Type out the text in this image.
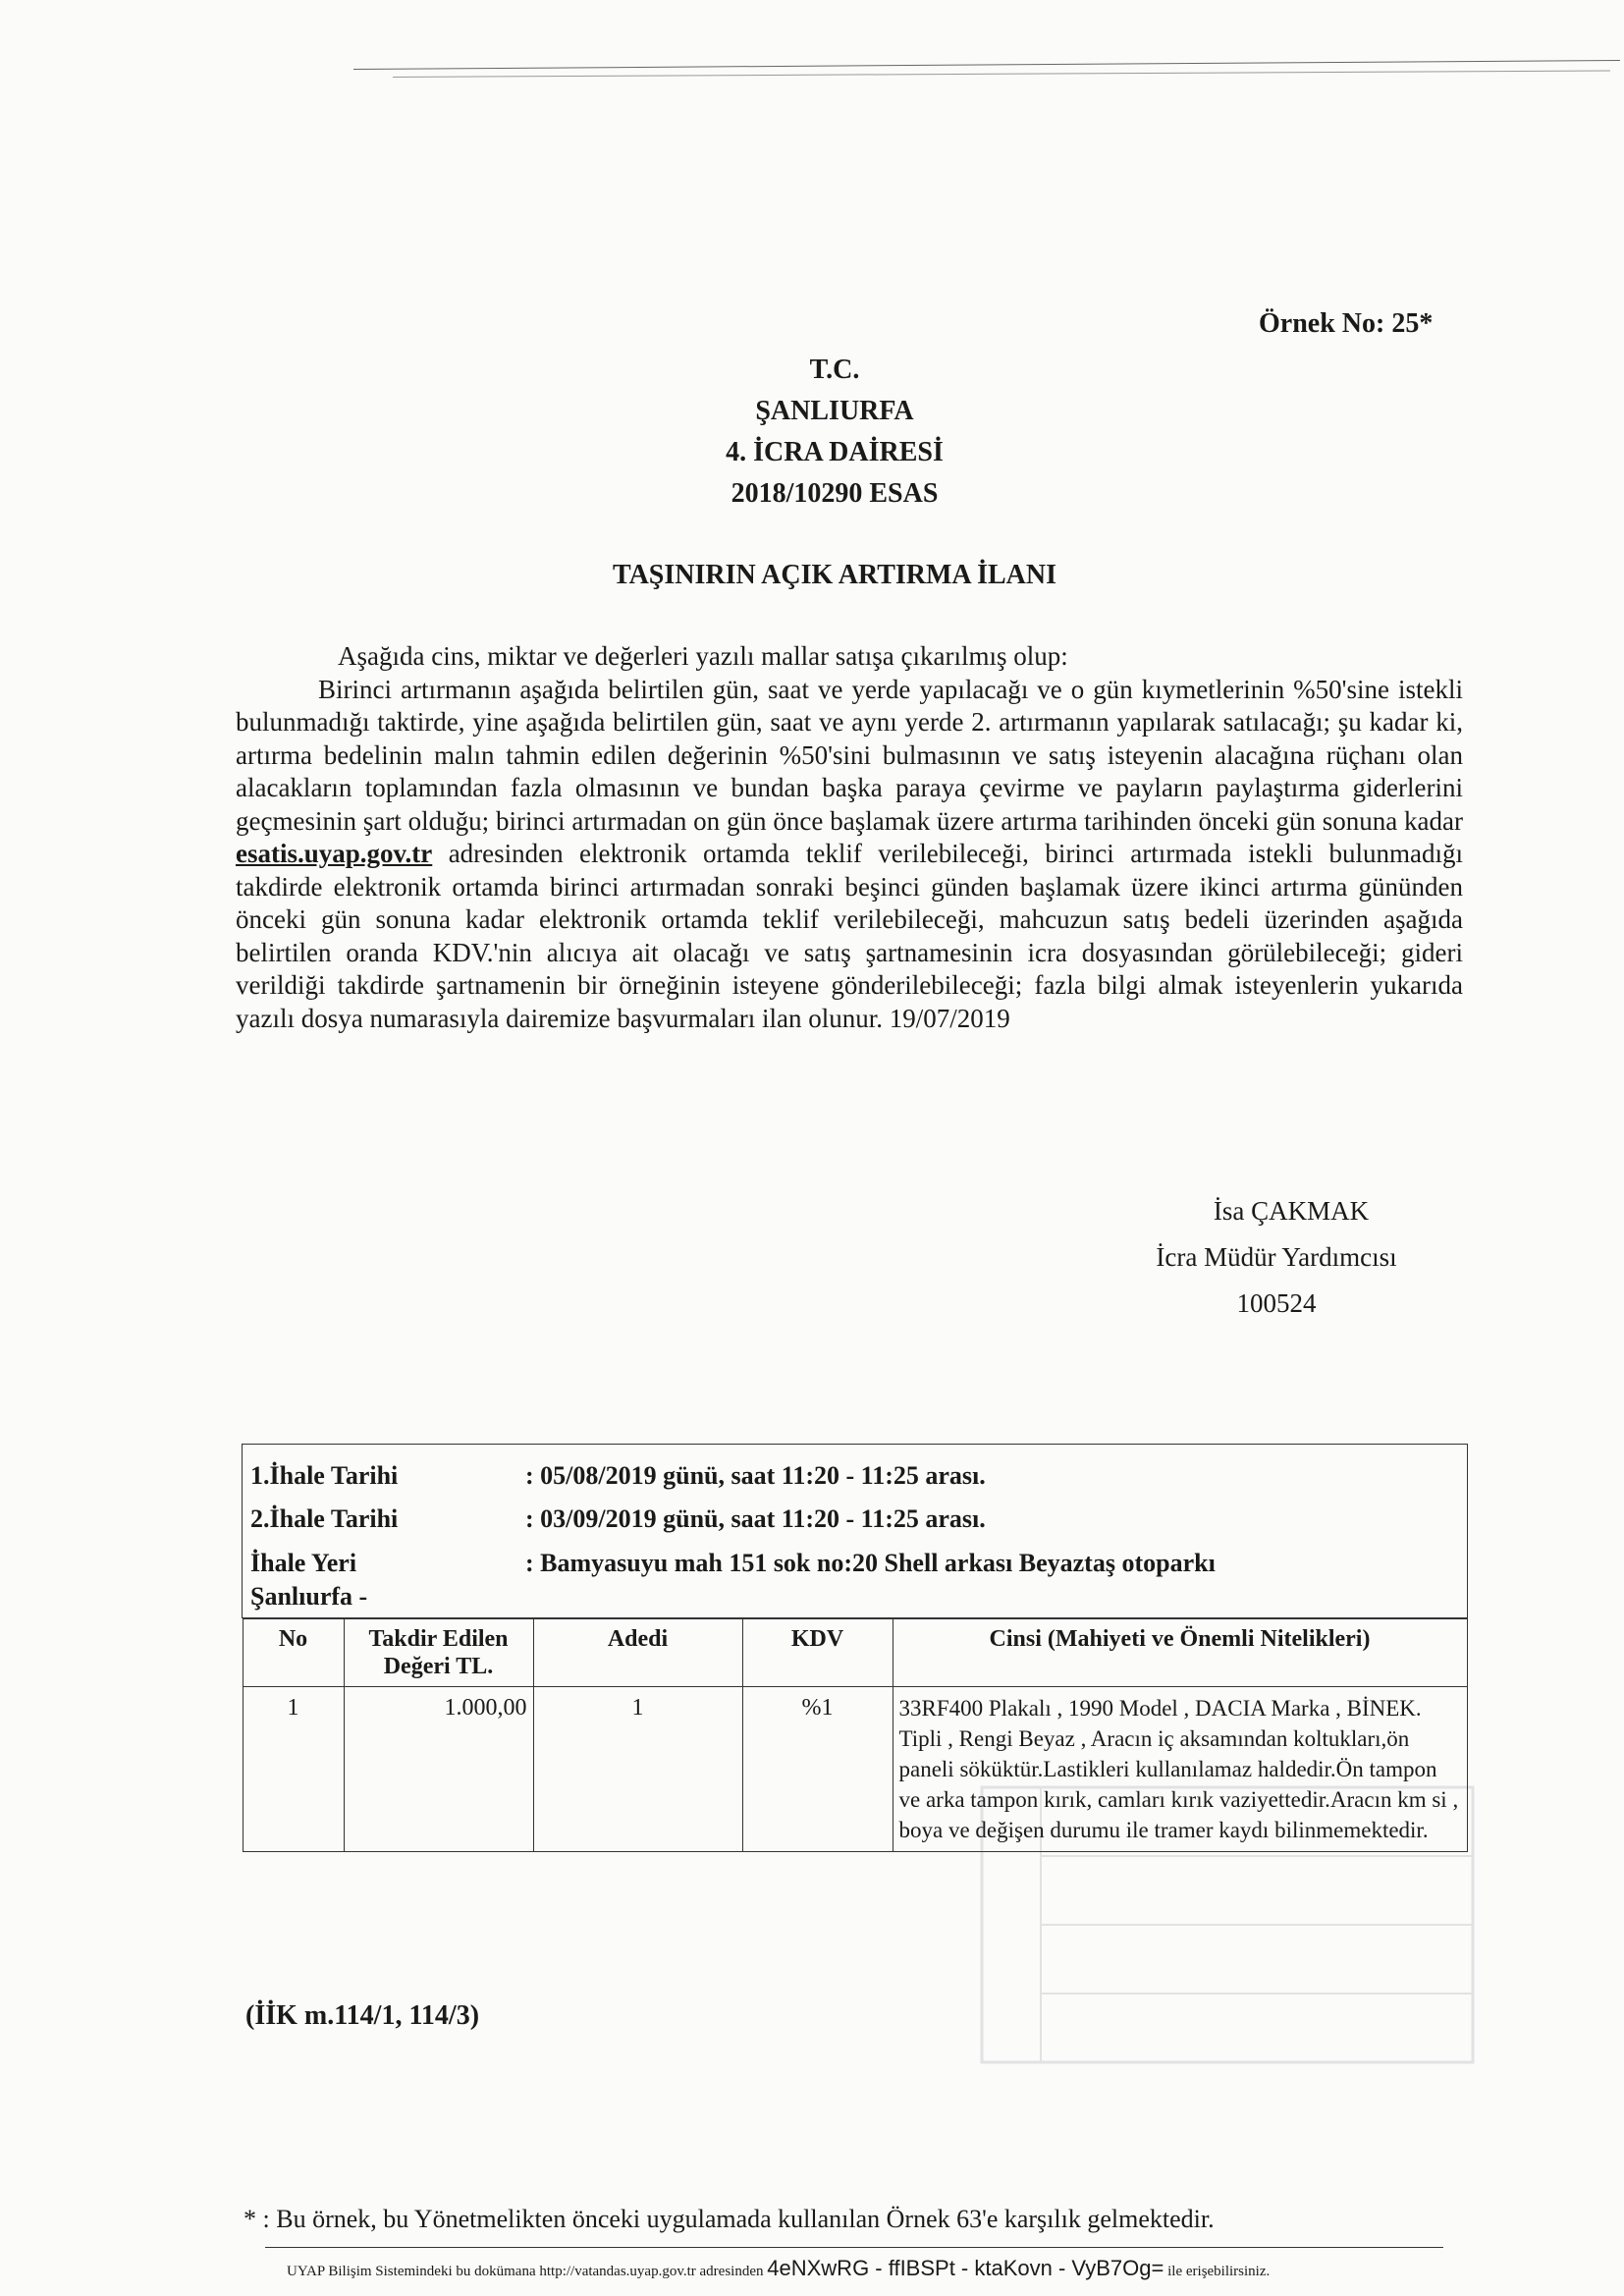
Örnek No: 25*
T.C.
ŞANLIURFA
4. İCRA DAİRESİ
2018/10290 ESAS
TAŞINIRIN AÇIK ARTIRMA İLANI

Aşağıda cins, miktar ve değerleri yazılı mallar satışa çıkarılmış olup:

Birinci artırmanın aşağıda belirtilen gün, saat ve yerde yapılacağı ve o gün kıymetlerinin %50'sine istekli bulunmadığı taktirde, yine aşağıda belirtilen gün, saat ve aynı yerde 2. artırmanın yapılarak satılacağı; şu kadar ki, artırma bedelinin malın tahmin edilen değerinin %50'sini bulmasının ve satış isteyenin alacağına rüçhanı olan alacakların toplamından fazla olmasının ve bundan başka paraya çevirme ve payların paylaştırma giderlerini geçmesinin şart olduğu; birinci artırmadan on gün önce başlamak üzere artırma tarihinden önceki gün sonuna kadar esatis.uyap.gov.tr adresinden elektronik ortamda teklif verilebileceği, birinci artırmada istekli bulunmadığı takdirde elektronik ortamda birinci artırmadan sonraki beşinci günden başlamak üzere ikinci artırma gününden önceki gün sonuna kadar elektronik ortamda teklif verilebileceği, mahcuzun satış bedeli üzerinden aşağıda belirtilen oranda KDV.'nin alıcıya ait olacağı ve satış şartnamesinin icra dosyasından görülebileceği; gideri verildiği takdirde şartnamenin bir örneğinin isteyene gönderilebileceği; fazla bilgi almak isteyenlerin yukarıda yazılı dosya numarasıyla dairemize başvurmaları ilan olunur. 19/07/2019

İsa ÇAKMAK
İcra Müdür Yardımcısı
100524
1.İhale Tarihi	: 05/08/2019 günü, saat 11:20 - 11:25 arası.
2.İhale Tarihi	: 03/09/2019 günü, saat 11:20 - 11:25 arası.
İhale Yeri	: Bamyasuyu mah 151 sok no:20 Shell arkası Beyaztaş otoparkı
Şanlıurfa -

No	Takdir Edilen Değeri TL.	Adedi	KDV	Cinsi (Mahiyeti ve Önemli Nitelikleri)
1	1.000,00	1	%1	33RF400 Plakalı , 1990 Model , DACIA Marka , BİNEK. Tipli , Rengi Beyaz , Aracın iç aksamından koltukları,ön paneli söküktür.Lastikleri kullanılamaz haldedir.Ön tampon ve arka tampon kırık, camları kırık vaziyettedir.Aracın km si , boya ve değişen durumu ile tramer kaydı bilinmemektedir.
(İİK m.114/1, 114/3)
* : Bu örnek, bu Yönetmelikten önceki uygulamada kullanılan Örnek 63'e karşılık gelmektedir.
UYAP Bilişim Sistemindeki bu dokümana http://vatandas.uyap.gov.tr adresinden 4eNXwRG - ffIBSPt - ktaKovn - VyB7Og= ile erişebilirsiniz.
